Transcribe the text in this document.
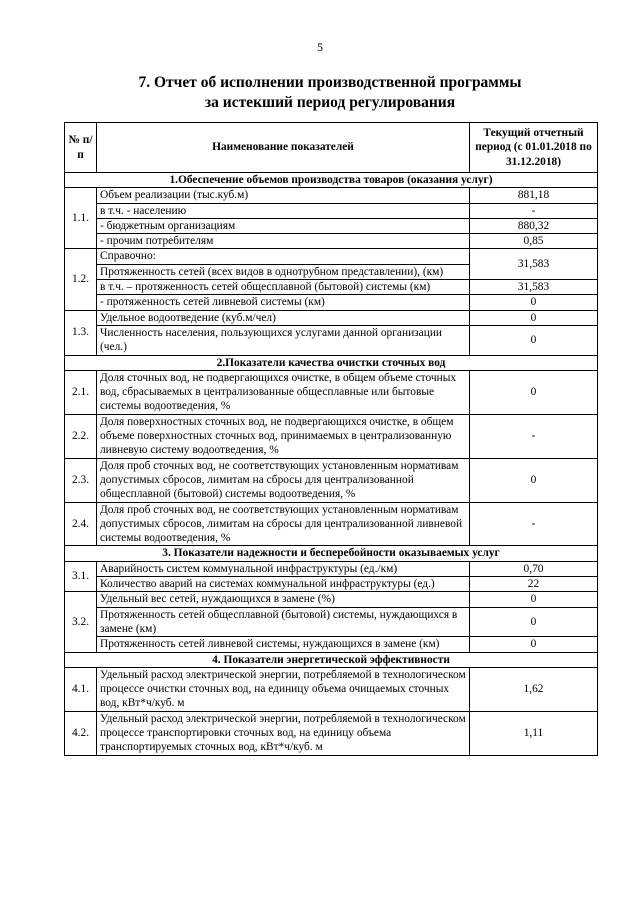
5
7. Отчет об исполнении производственной программы
за истекший период регулирования
№ п/п	Наименование показателей	Текущий отчетный период (с 01.01.2018 по 31.12.2018)
1.Обеспечение объемов производства товаров (оказания услуг)		
1.1.	Объем реализации (тыс.куб.м)	881,18
	в т.ч. - населению	-
	- бюджетным организациям	880,32
	- прочим потребителям	0,85
1.2.	Справочно:	31,583
	Протяженность сетей (всех видов в однотрубном представлении), (км)	
	в т.ч. – протяженность сетей общесплавной (бытовой) системы (км)	31,583
	- протяженность сетей ливневой системы (км)	0
1.3.	Удельное водоотведение (куб.м/чел)	0
	Численность населения, пользующихся услугами данной организации (чел.)	0
2.Показатели качества очистки сточных вод		
2.1.	Доля сточных вод, не подвергающихся очистке, в общем объеме сточных вод, сбрасываемых в централизованные общесплавные или бытовые системы водоотведения, %	0
2.2.	Доля поверхностных сточных вод, не подвергающихся очистке, в общем объеме поверхностных сточных вод, принимаемых в централизованную ливневую систему водоотведения, %	-
2.3.	Доля проб сточных вод, не соответствующих установленным нормативам допустимых сбросов, лимитам на сбросы для централизованной общесплавной (бытовой) системы водоотведения, %	0
2.4.	Доля проб сточных вод, не соответствующих установленным нормативам допустимых сбросов, лимитам на сбросы для централизованной ливневой системы водоотведения, %	-
3. Показатели надежности и бесперебойности оказываемых услуг		
3.1.	Аварийность систем коммунальной инфраструктуры (ед./км)	0,70
	Количество аварий на системах коммунальной инфраструктуры (ед.)	22
3.2.	Удельный вес сетей, нуждающихся в замене (%)	0
	Протяженность сетей общесплавной (бытовой) системы, нуждающихся в замене (км)	0
	Протяженность сетей ливневой системы, нуждающихся в замене (км)	0
4. Показатели энергетической эффективности		
4.1.	Удельный расход электрической энергии, потребляемой в технологическом процессе очистки сточных вод, на единицу объема очищаемых сточных вод, кВт*ч/куб. м	1,62
4.2.	Удельный расход электрической энергии, потребляемой в технологическом процессе транспортировки сточных вод, на единицу объема транспортируемых сточных вод, кВт*ч/куб. м	1,11
